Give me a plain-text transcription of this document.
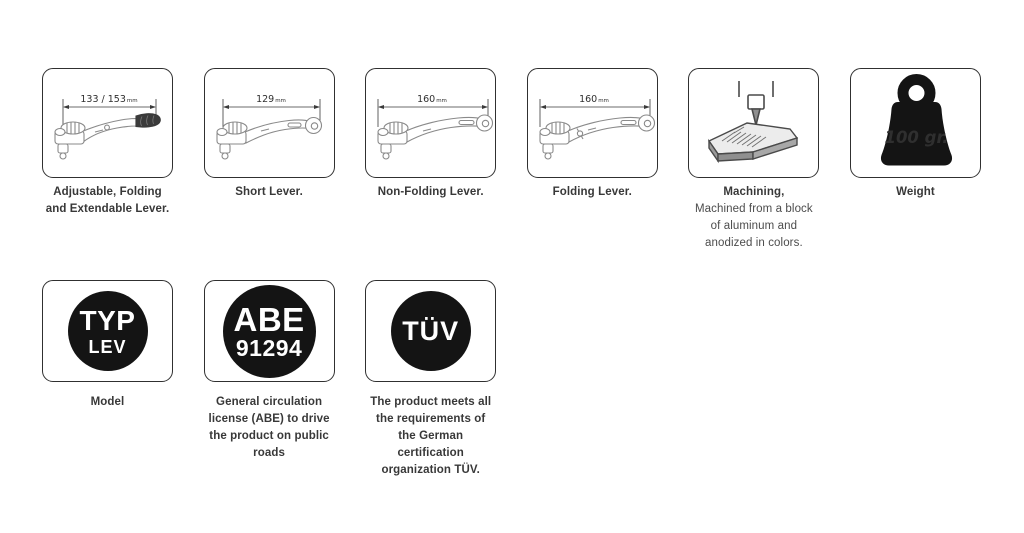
133 / 153mm
Adjustable, Folding
and Extendable Lever.
129mm
Short Lever.
160mm
Non-Folding Lever.
160mm
Folding Lever.	Machining,
Machined from a block
of aluminum and
anodized in colors.
100 gr.
Weight
TYP
LEV
Model
ABE
91294
General circulation
license (ABE) to drive
the product on public
roads
TÜV
The product meets all
the requirements of
the German
certification
organization TÜV.
